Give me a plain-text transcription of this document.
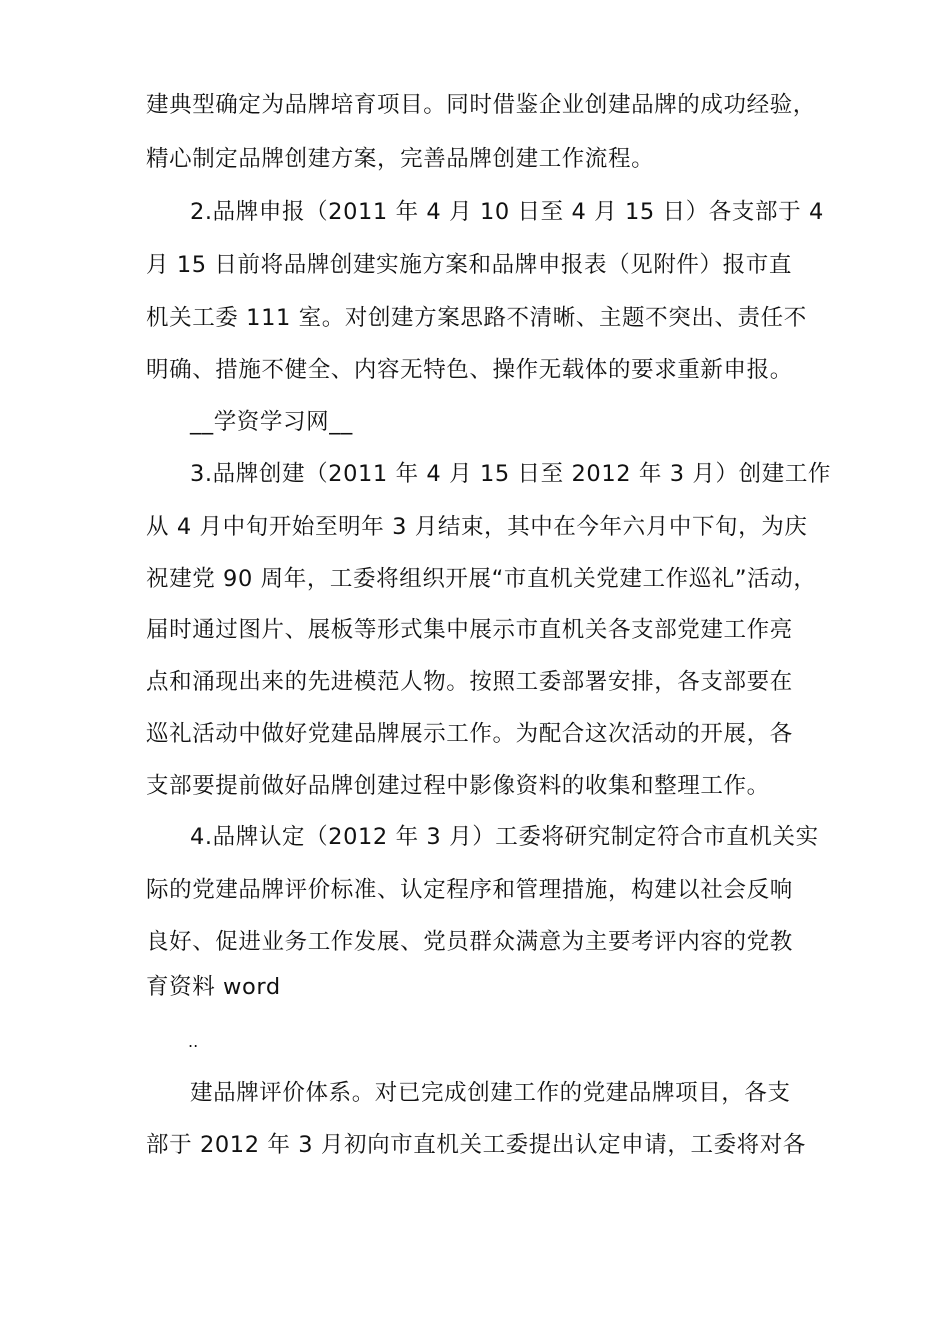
建典型确定为品牌培育项目。同时借鉴企业创建品牌的成功经验，
精心制定品牌创建方案，完善品牌创建工作流程。
2.品牌申报（2011 年 4 月 10 日至 4 月 15 日）各支部于 4
月 15 日前将品牌创建实施方案和品牌申报表（见附件）报市直
机关工委 111 室。对创建方案思路不清晰、主题不突出、责任不
明确、措施不健全、内容无特色、操作无载体的要求重新申报。
__学资学习网__
3.品牌创建（2011 年 4 月 15 日至 2012 年 3 月）创建工作
从 4 月中旬开始至明年 3 月结束，其中在今年六月中下旬，为庆
祝建党 90 周年，工委将组织开展“市直机关党建工作巡礼”活动，
届时通过图片、展板等形式集中展示市直机关各支部党建工作亮
点和涌现出来的先进模范人物。按照工委部署安排，各支部要在
巡礼活动中做好党建品牌展示工作。为配合这次活动的开展，各
支部要提前做好品牌创建过程中影像资料的收集和整理工作。
4.品牌认定（2012 年 3 月）工委将研究制定符合市直机关实
际的党建品牌评价标准、认定程序和管理措施，构建以社会反响
良好、促进业务工作发展、党员群众满意为主要考评内容的党教
育资料 word
..
建品牌评价体系。对已完成创建工作的党建品牌项目，各支
部于 2012 年 3 月初向市直机关工委提出认定申请，工委将对各
